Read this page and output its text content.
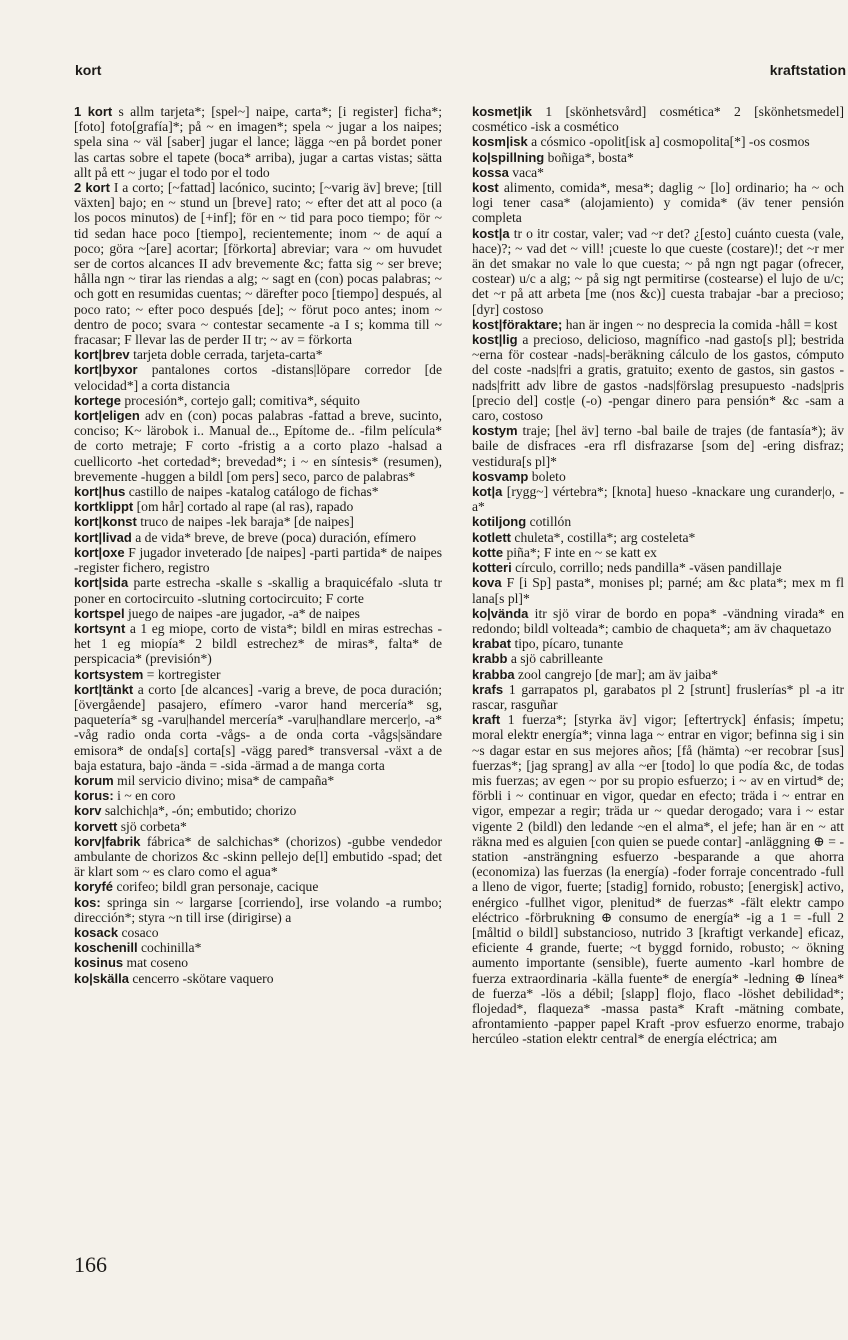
kort	kraftstation

1 kort s allm tarjeta*; [spel~] naipe, carta*; [i register] ficha*; [foto] foto[grafía]*; på ~ en imagen*; spela ~ jugar a los naipes; spela sina ~ väl [saber] jugar el lance; lägga ~en på bordet poner las cartas sobre el tapete (boca* arriba), jugar a cartas vistas; sätta allt på ett ~ jugar el todo por el todo

2 kort I a corto; [~fattad] lacónico, sucinto; [~varig äv] breve; [till växten] bajo; en ~ stund un [breve] rato; ~ efter det att al poco (a los pocos minutos) de [+inf]; för en ~ tid para poco tiempo; för ~ tid sedan hace poco [tiempo], recientemente; inom ~ de aquí a poco; göra ~[are] acortar; [förkorta] abreviar; vara ~ om huvudet ser de cortos alcances II adv brevemente &c; fatta sig ~ ser breve; hålla ngn ~ tirar las riendas a alg; ~ sagt en (con) pocas palabras; ~ och gott en resumidas cuentas; ~ därefter poco [tiempo] después, al poco rato; ~ efter poco después [de]; ~ förut poco antes; inom ~ dentro de poco; svara ~ contestar secamente -a I s; komma till ~ fracasar; F llevar las de perder II tr; ~ av = förkorta

kort|brev tarjeta doble cerrada, tarjeta-carta*

kort|byxor pantalones cortos -distans|löpare corredor [de velocidad*] a corta distancia

kortege procesión*, cortejo gall; comitiva*, séquito

kort|eligen adv en (con) pocas palabras -fattad a breve, sucinto, conciso; K~ lärobok i.. Manual de.., Epítome de.. -film película* de corto metraje; F corto -fristig a a corto plazo -halsad a cuellicorto -het cortedad*; brevedad*; i ~ en síntesis* (resumen), brevemente -huggen a bildl [om pers] seco, parco de palabras*

kort|hus castillo de naipes -katalog catálogo de fichas*

kortklippt [om hår] cortado al rape (al ras), rapado

kort|konst truco de naipes -lek baraja* [de naipes]

kort|livad a de vida* breve, de breve (poca) duración, efímero

kort|oxe F jugador inveterado [de naipes] -parti partida* de naipes -register fichero, registro

kort|sida parte estrecha -skalle s -skallig a braquicéfalo -sluta tr poner en cortocircuito -slutning cortocircuito; F corte

kortspel juego de naipes -are jugador, -a* de naipes

kortsynt a 1 eg miope, corto de vista*; bildl en miras estrechas -het 1 eg miopía* 2 bildl estrechez* de miras*, falta* de perspicacia* (previsión*)

kortsystem = kortregister

kort|tänkt a corto [de alcances] -varig a breve, de poca duración; [övergående] pasajero, efímero -varor hand mercería* sg, paquetería* sg -varu|handel mercería* -varu|handlare mercer|o, -a* -våg radio onda corta -vågs- a de onda corta -vågs|sändare emisora* de onda[s] corta[s] -vägg pared* transversal -växt a de baja estatura, bajo -ända = -sida -ärmad a de manga corta

korum mil servicio divino; misa* de campaña*

korus: i ~ en coro

korv salchich|a*, -ón; embutido; chorizo

korvett sjö corbeta*

korv|fabrik fábrica* de salchichas* (chorizos) -gubbe vendedor ambulante de chorizos &c -skinn pellejo de[l] embutido -spad; det är klart som ~ es claro como el agua*

koryfé corifeo; bildl gran personaje, cacique

kos: springa sin ~ largarse [corriendo], irse volando -a rumbo; dirección*; styra ~n till irse (dirigirse) a

kosack cosaco

koschenill cochinilla*

kosinus mat coseno

ko|skälla cencerro -skötare vaquero

kosmet|ik 1 [skönhetsvård] cosmética* 2 [skönhetsmedel] cosmético -isk a cosmético

kosm|isk a cósmico -opolit[isk a] cosmopolita[*] -os cosmos

ko|spillning boñiga*, bosta*

kossa vaca*

kost alimento, comida*, mesa*; daglig ~ [lo] ordinario; ha ~ och logi tener casa* (alojamiento) y comida* (äv tener pensión completa

kost|a tr o itr costar, valer; vad ~r det? ¿[esto] cuánto cuesta (vale, hace)?; ~ vad det ~ vill! ¡cueste lo que cueste (costare)!; det ~r mer än det smakar no vale lo que cuesta; ~ på ngn ngt pagar (ofrecer, costear) u/c a alg; ~ på sig ngt permitirse (costearse) el lujo de u/c; det ~r på att arbeta [me (nos &c)] cuesta trabajar -bar a precioso; [dyr] costoso

kost|föraktare; han är ingen ~ no desprecia la comida -håll = kost

kost|lig a precioso, delicioso, magnífico -nad gasto[s pl]; bestrida ~erna för costear -nads|-beräkning cálculo de los gastos, cómputo del coste -nads|fri a gratis, gratuito; exento de gastos, sin gastos -nads|fritt adv libre de gastos -nads|förslag presupuesto -nads|pris [precio del] cost|e (-o) -pengar dinero para pensión* &c -sam a caro, costoso

kostym traje; [hel äv] terno -bal baile de trajes (de fantasía*); äv baile de disfraces -era rfl disfrazarse [som de] -ering disfraz; vestidura[s pl]*

kosvamp boleto

kot|a [rygg~] vértebra*; [knota] hueso -knackare ung curander|o, -a*

kotiljong cotillón

kotlett chuleta*, costilla*; arg costeleta*

kotte piña*; F inte en ~ se katt ex

kotteri círculo, corrillo; neds pandilla* -väsen pandillaje

kova F [i Sp] pasta*, monises pl; parné; am &c plata*; mex m fl lana[s pl]*

ko|vända itr sjö virar de bordo en popa* -vändning virada* en redondo; bildl volteada*; cambio de chaqueta*; am äv chaquetazo

krabat tipo, pícaro, tunante

krabb a sjö cabrilleante

krabba zool cangrejo [de mar]; am äv jaiba*

krafs 1 garrapatos pl, garabatos pl 2 [strunt] fruslerías* pl -a itr rascar, rasguñar

kraft 1 fuerza*; [styrka äv] vigor; [eftertryck] énfasis; ímpetu; moral elektr energía*; vinna laga ~ entrar en vigor; befinna sig i sin ~s dagar estar en sus mejores años; [få (hämta) ~er recobrar [sus] fuerzas*; [jag sprang] av alla ~er [todo] lo que podía &c, de todas mis fuerzas; av egen ~ por su propio esfuerzo; i ~ av en virtud* de; förbli i ~ continuar en vigor, quedar en efecto; träda i ~ entrar en vigor, empezar a regir; träda ur ~ quedar derogado; vara i ~ estar vigente 2 (bildl) den ledande ~en el alma*, el jefe; han är en ~ att räkna med es alguien [con quien se puede contar] -anläggning ⊕ = -station -ansträngning esfuerzo -besparande a que ahorra (economiza) las fuerzas (la energía) -foder forraje concentrado -full a lleno de vigor, fuerte; [stadig] fornido, robusto; [energisk] activo, enérgico -fullhet vigor, plenitud* de fuerzas* -fält elektr campo eléctrico -förbrukning ⊕ consumo de energía* -ig a 1 = -full 2 [måltid o bildl] substancioso, nutrido 3 [kraftigt verkande] eficaz, eficiente 4 grande, fuerte; ~t byggd fornido, robusto; ~ ökning aumento importante (sensible), fuerte aumento -karl hombre de fuerza extraordinaria -källa fuente* de energía* -ledning ⊕ línea* de fuerza* -lös a débil; [slapp] flojo, flaco -löshet debilidad*; flojedad*, flaqueza* -massa pasta* Kraft -mätning combate, afrontamiento -papper papel Kraft -prov esfuerzo enorme, trabajo hercúleo -station elektr central* de energía eléctrica; am

166
